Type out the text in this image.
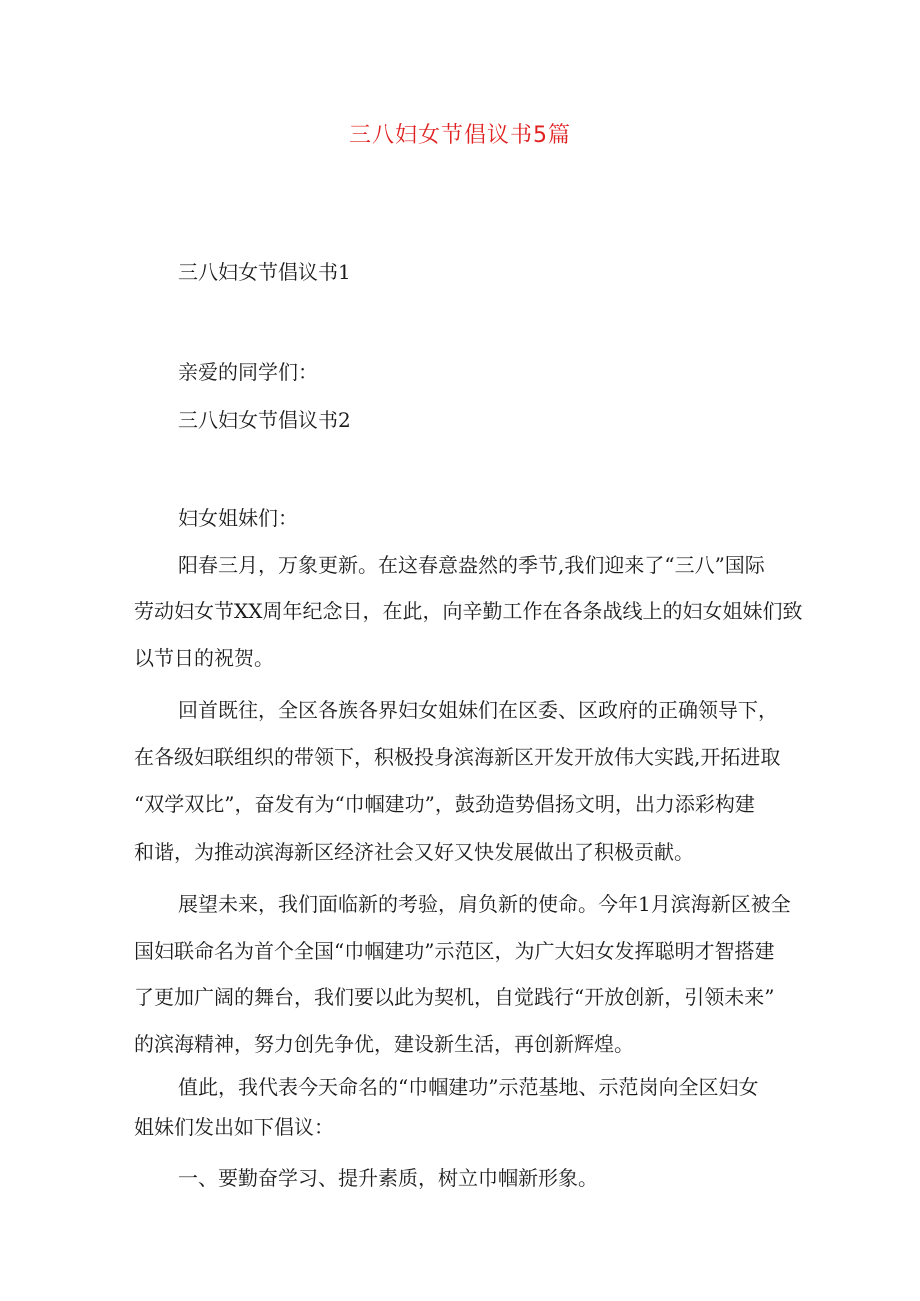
三八妇女节倡议书5篇

三八妇女节倡议书1

亲爱的同学们：

三八妇女节倡议书2

妇女姐妹们：

阳春三月，万象更新。在这春意盎然的季节,我们迎来了“三八”国际

劳动妇女节XX周年纪念日，在此，向辛勤工作在各条战线上的妇女姐妹们致

以节日的祝贺。

回首既往，全区各族各界妇女姐妹们在区委、区政府的正确领导下，

在各级妇联组织的带领下，积极投身滨海新区开发开放伟大实践,开拓进取

“双学双比”，奋发有为“巾帼建功”，鼓劲造势倡扬文明，出力添彩构建

和谐，为推动滨海新区经济社会又好又快发展做出了积极贡献。

展望未来，我们面临新的考验，肩负新的使命。今年1月滨海新区被全

国妇联命名为首个全国“巾帼建功”示范区，为广大妇女发挥聪明才智搭建

了更加广阔的舞台，我们要以此为契机，自觉践行“开放创新，引领未来”

的滨海精神，努力创先争优，建设新生活，再创新辉煌。

值此，我代表今天命名的“巾帼建功”示范基地、示范岗向全区妇女

姐妹们发出如下倡议：

一、要勤奋学习、提升素质，树立巾帼新形象。
